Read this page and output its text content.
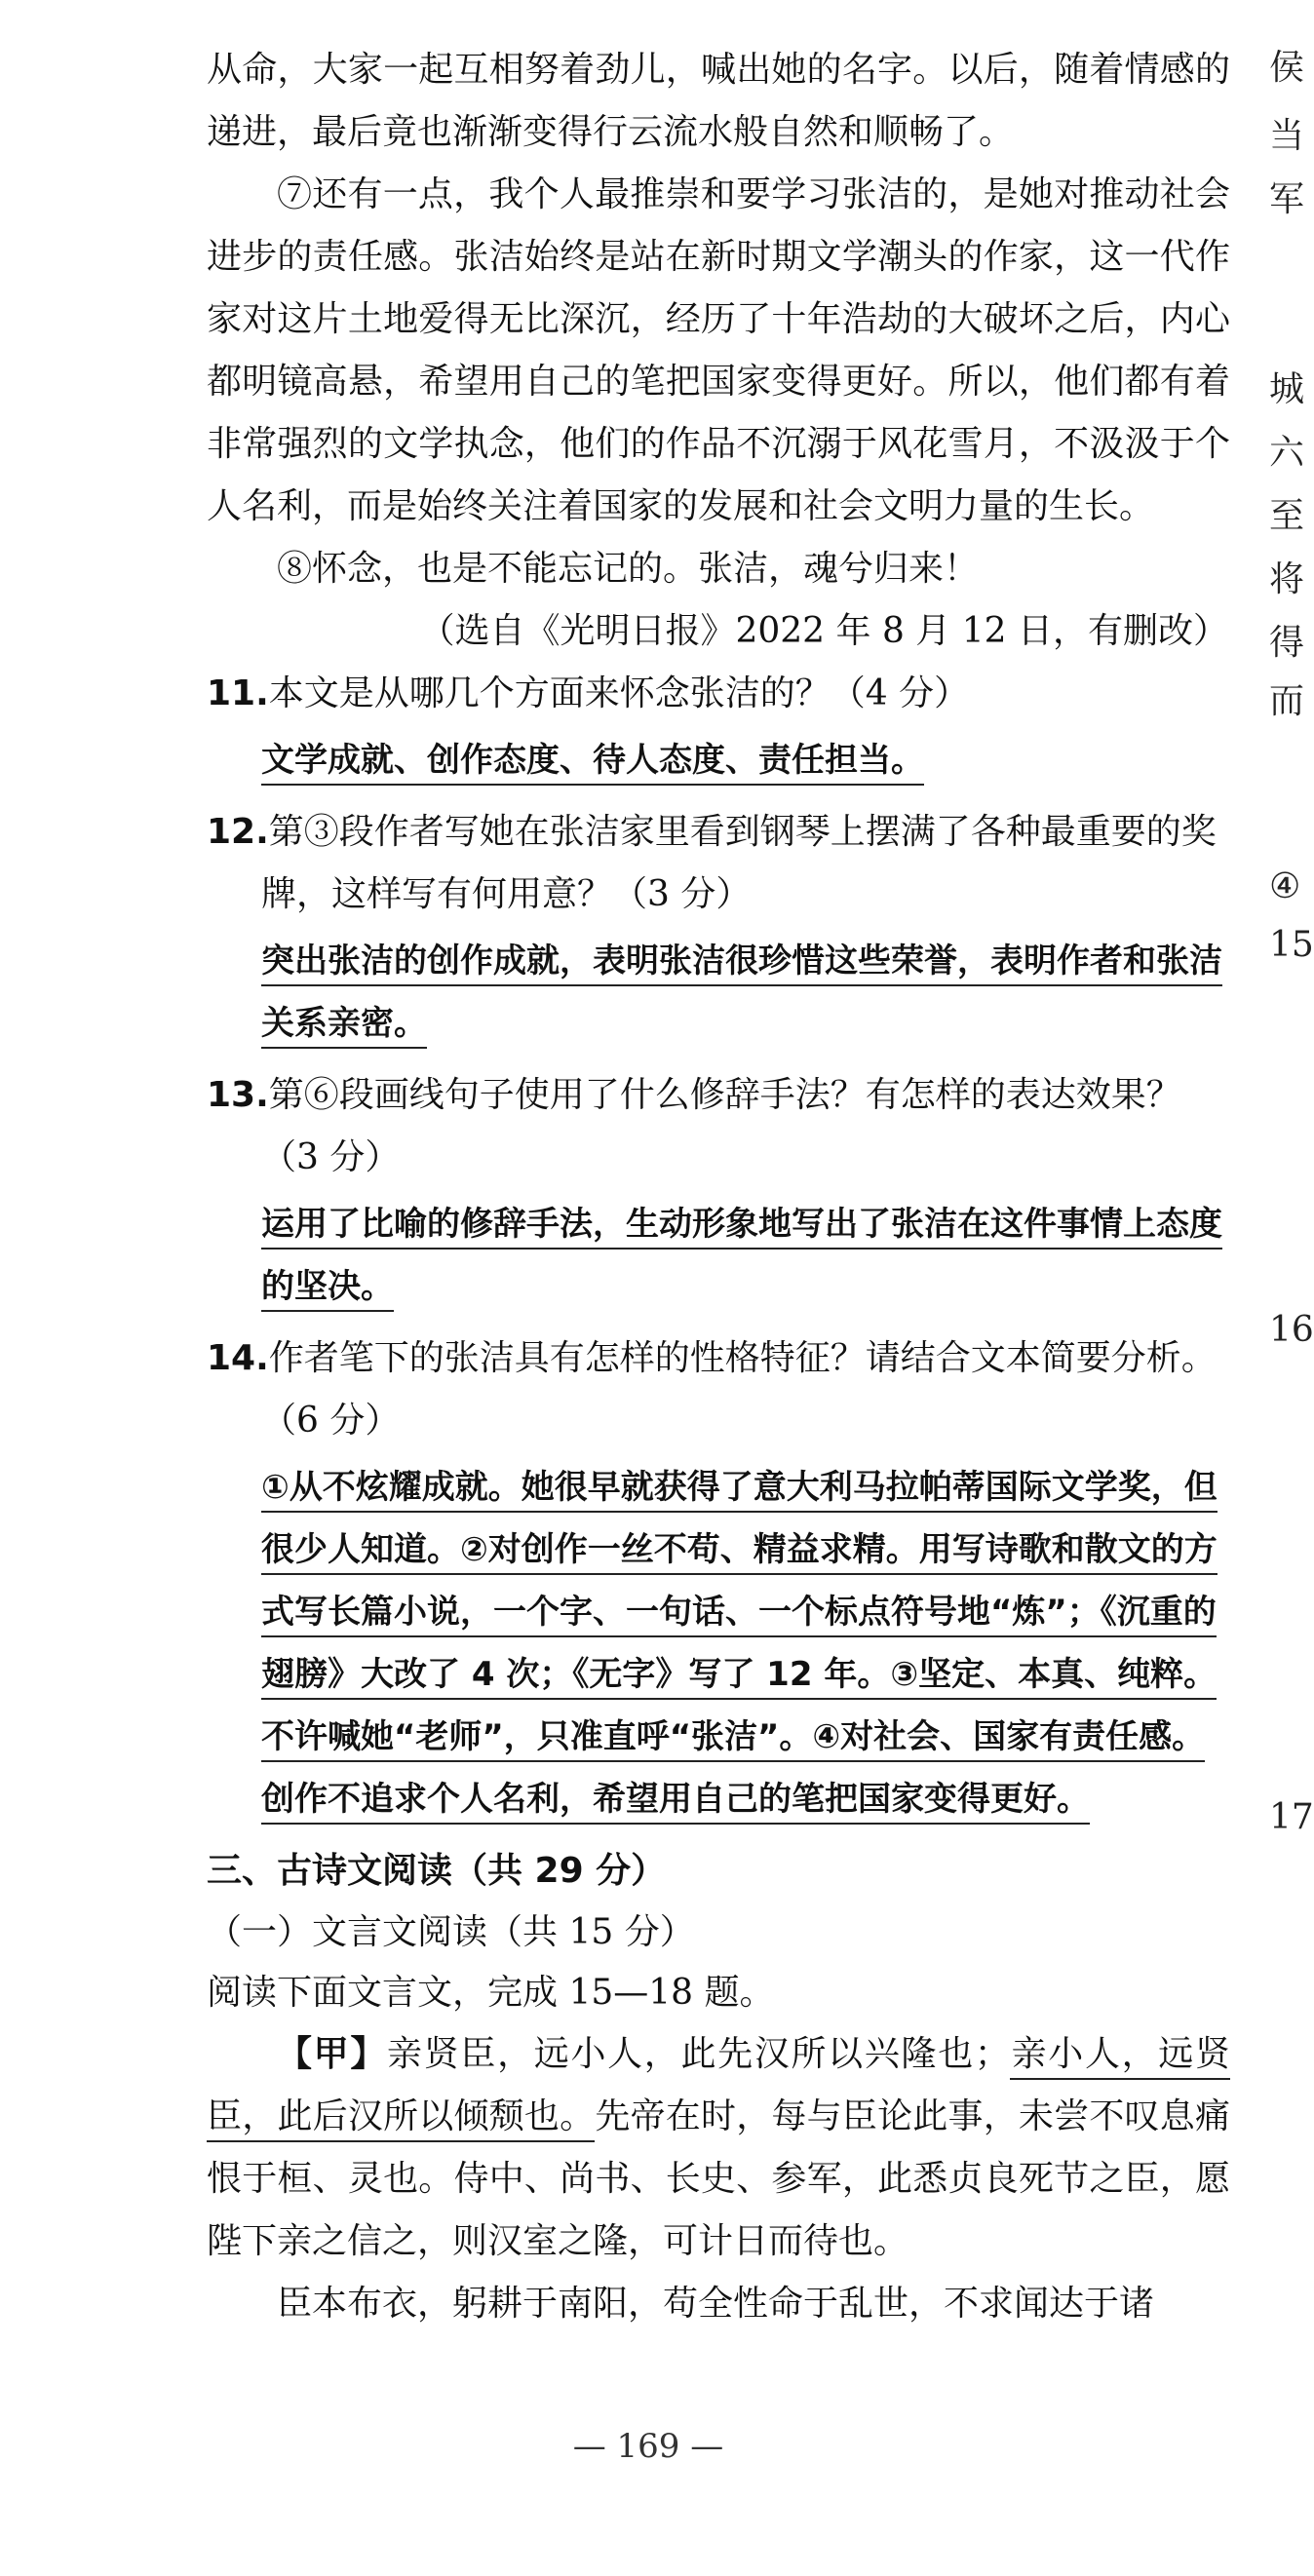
从命，大家一起互相努着劲儿，喊出她的名字。以后，随着情感的递进，最后竟也渐渐变得行云流水般自然和顺畅了。

⑦还有一点，我个人最推崇和要学习张洁的，是她对推动社会进步的责任感。张洁始终是站在新时期文学潮头的作家，这一代作家对这片土地爱得无比深沉，经历了十年浩劫的大破坏之后，内心都明镜高悬，希望用自己的笔把国家变得更好。所以，他们都有着非常强烈的文学执念，他们的作品不沉溺于风花雪月，不汲汲于个人名利，而是始终关注着国家的发展和社会文明力量的生长。

⑧怀念，也是不能忘记的。张洁，魂兮归来！

（选自《光明日报》2022 年 8 月 12 日，有删改）

11.本文是从哪几个方面来怀念张洁的？（4 分）

文学成就、创作态度、待人态度、责任担当。

12.第③段作者写她在张洁家里看到钢琴上摆满了各种最重要的奖牌，这样写有何用意？（3 分）

突出张洁的创作成就，表明张洁很珍惜这些荣誉，表明作者和张洁关系亲密。

13.第⑥段画线句子使用了什么修辞手法？有怎样的表达效果？（3 分）

运用了比喻的修辞手法，生动形象地写出了张洁在这件事情上态度的坚决。

14.作者笔下的张洁具有怎样的性格特征？请结合文本简要分析。（6 分）

①从不炫耀成就。她很早就获得了意大利马拉帕蒂国际文学奖，但很少人知道。②对创作一丝不苟、精益求精。用写诗歌和散文的方式写长篇小说，一个字、一句话、一个标点符号地“炼”；《沉重的翅膀》大改了 4 次；《无字》写了 12 年。③坚定、本真、纯粹。不许喊她“老师”，只准直呼“张洁”。④对社会、国家有责任感。创作不追求个人名利，希望用自己的笔把国家变得更好。

三、古诗文阅读（共 29 分）

（一）文言文阅读（共 15 分）

阅读下面文言文，完成 15—18 题。

【甲】亲贤臣，远小人，此先汉所以兴隆也；亲小人，远贤臣，此后汉所以倾颓也。先帝在时，每与臣论此事，未尝不叹息痛恨于桓、灵也。侍中、尚书、长史、参军，此悉贞良死节之臣，愿陛下亲之信之，则汉室之隆，可计日而待也。

臣本布衣，躬耕于南阳，苟全性命于乱世，不求闻达于诸

— 169 —
侯
当
军
城
六
至
将
得
而
④
15
16
17
